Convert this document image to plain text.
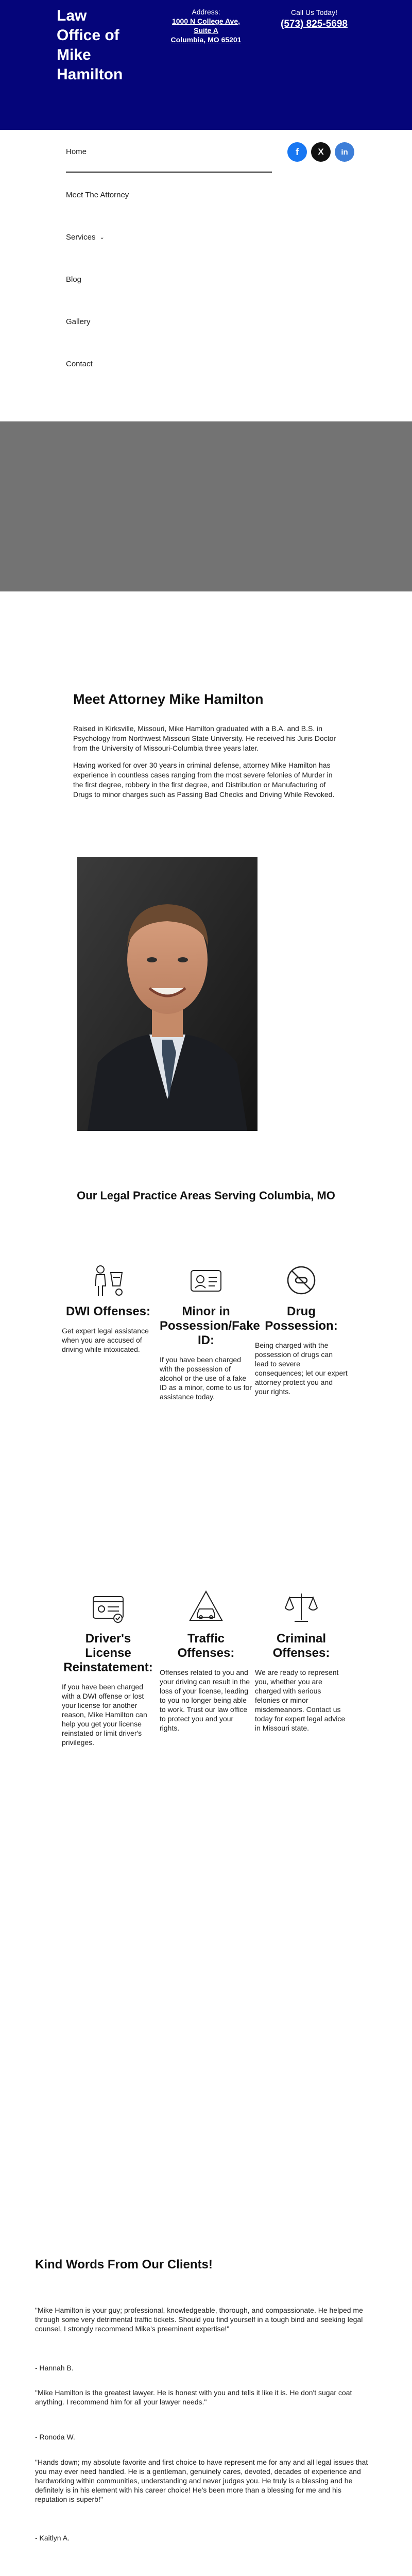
Law Office of Mike Hamilton
Address:
1000 N College Ave,
Suite A
Columbia, MO 65201
Call Us Today!
(573) 825-5698
Home
Meet The Attorney
Services ⌄
Blog
Gallery
Contact
f	X	in
Meet Attorney Mike Hamilton

Raised in Kirksville, Missouri, Mike Hamilton graduated with a B.A. and B.S. in Psychology from Northwest Missouri State University. He received his Juris Doctor from the University of Missouri-Columbia three years later.

Having worked for over 30 years in criminal defense, attorney Mike Hamilton has experience in countless cases ranging from the most severe felonies of Murder in the first degree, robbery in the first degree, and Distribution or Manufacturing of Drugs to minor charges such as Passing Bad Checks and Driving While Revoked.

Our Legal Practice Areas Serving Columbia, MO
DWI Offenses:

Get expert legal assistance when you are accused of driving while intoxicated.

Minor in Possession/Fake ID:

If you have been charged with the possession of alcohol or the use of a fake ID as a minor, come to us for assistance today.

Drug Possession:

Being charged with the possession of drugs can lead to severe consequences; let our expert attorney protect you and your rights.

Driver's License Reinstatement:

If you have been charged with a DWI offense or lost your license for another reason, Mike Hamilton can help you get your license reinstated or limit driver's privileges.

Traffic Offenses:

Offenses related to you and your driving can result in the loss of your license, leading to you no longer being able to work. Trust our law office to protect you and your rights.

Criminal Offenses:

We are ready to represent you, whether you are charged with serious felonies or minor misdemeanors. Contact us today for expert legal advice in Missouri state.

Kind Words From Our Clients!

"Mike Hamilton is your guy; professional, knowledgeable, thorough, and compassionate. He helped me through some very detrimental traffic tickets. Should you find yourself in a tough bind and seeking legal counsel, I strongly recommend Mike's preeminent expertise!"

- Hannah B.

"Mike Hamilton is the greatest lawyer. He is honest with you and tells it like it is. He don't sugar coat anything. I recommend him for all your lawyer needs."

- Ronoda W.

"Hands down; my absolute favorite and first choice to have represent me for any and all legal issues that you may ever need handled. He is a gentleman, genuinely cares, devoted, decades of experience and hardworking within communities, understanding and never judges you. He truly is a blessing and he definitely is in his element with his career choice! He's been more than a blessing for me and his reputation is superb!"

- Kaitlyn A.
